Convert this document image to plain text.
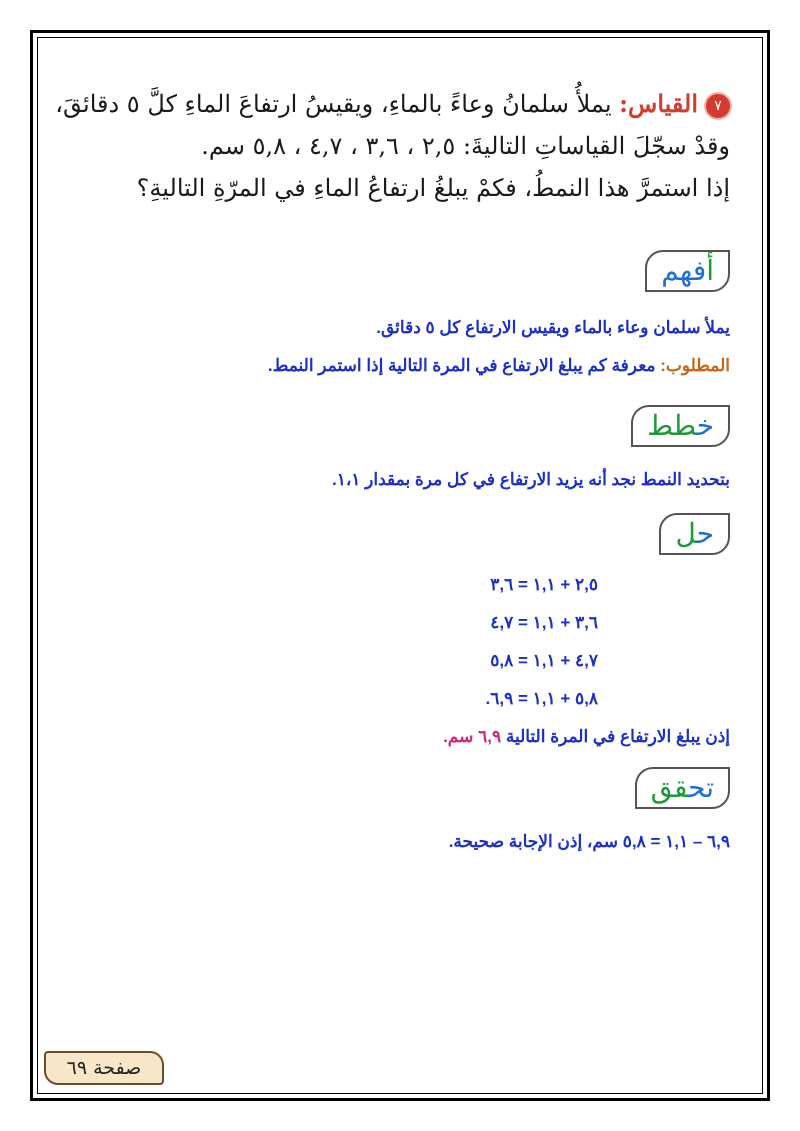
٧القياس: يملأُ سلمانُ وعاءً بالماءِ، ويقيسُ ارتفاعَ الماءِ كلَّ ٥ دقائقَ،
وقدْ سجّلَ القياساتِ التاليةَ: ٢,٥ ، ٣,٦ ، ٤,٧ ، ٥,٨ سم.
إذا استمرَّ هذا النمطُ، فكمْ يبلغُ ارتفاعُ الماءِ في المرّةِ التاليةِ؟
أفهم
يملأ سلمان وعاء بالماء ويقيس الارتفاع كل ٥ دقائق.
المطلوب: معرفة كم يبلغ الارتفاع في المرة التالية إذا استمر النمط.
خطط
بتحديد النمط نجد أنه يزيد الارتفاع في كل مرة بمقدار ١،١.
حل
٢,٥ + ١,١ = ٣,٦
٣,٦ + ١,١ = ٤,٧
٤,٧ + ١,١ = ٥,٨
٥,٨ + ١,١ = ٦,٩.
إذن يبلغ الارتفاع في المرة التالية ٦,٩ سم.
تحقق
٦,٩ – ١,١ = ٥,٨ سم، إذن الإجابة صحيحة.
صفحة ٦٩
